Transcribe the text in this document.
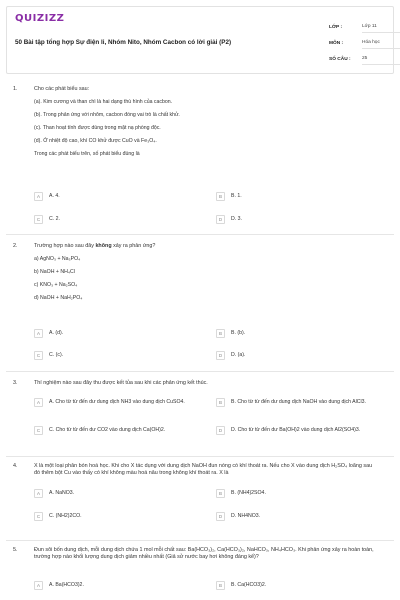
QUIZIZZ
50 Bài tập tổng hợp Sự điện li, Nhóm Nito, Nhóm Cacbon có lời giải (P2)
LỚP :	Lớp 11
MÔN :	Hóa học
SỐ CÂU :	25
1.	Cho các phát biểu sau:
(a). Kim cương và than chì là hai dạng thù hình của cacbon.
(b). Trong phản ứng với nhôm, cacbon đóng vai trò là chất khử.
(c). Than hoạt tính được dùng trong mặt nạ phòng độc.
(d). Ở nhiệt độ cao, khí CO khử được CuO và Fe₃O₄.
Trong các phát biểu trên, số phát biểu đúng là
A	A. 4.	B	B. 1.
C	C. 2.	D	D. 3.
2.	Trường hợp nào sau đây không xảy ra phản ứng?
a) AgNO₃ + Na₃PO₄
b) NaOH + NH₄Cl
c) KNO₃ + Na₂SO₄
d) NaOH + NaH₂PO₄
A	A. (d).	B	B. (b).
C	C. (c).	D	D. (a).
3.	Thí nghiệm nào sau đây thu được kết tủa sau khi các phản ứng kết thúc.
A	A. Cho từ từ đến dư dung dịch NH3 vào dung dịch CuSO4.	B	B. Cho từ từ đến dư dung dịch NaOH vào dung dịch AlCl3.
C	C. Cho từ từ đến dư CO2 vào dung dịch Ca(OH)2.	D	D. Cho từ từ đến dư Ba(OH)2 vào dung dịch Al2(SO4)3.
4.	X là một loại phân bón hoá học. Khi cho X tác dụng với dung dịch NaOH đun nóng có khí thoát ra. Nếu cho X vào dung dịch H₂SO₄ loãng sau đó thêm bột Cu vào thấy có khí không màu hoá nâu trong không khí thoát ra. X là
A	A. NaNO3.	B	B. (NH4)2SO4.
C	C. (NH2)2CO.	D	D. NH4NO3.
5.	Đun sôi bốn dung dịch, mỗi dung dịch chứa 1 mol mỗi chất sau: Ba(HCO₃)₂, Ca(HCO₃)₂, NaHCO₃, NH₄HCO₃. Khi phản ứng xảy ra hoàn toàn, trường hợp nào khối lượng dung dịch giảm nhiều nhất (Giả sử nước bay hơi không đáng kể)?
A	A. Ba(HCO3)2.	B	B. Ca(HCO3)2.
